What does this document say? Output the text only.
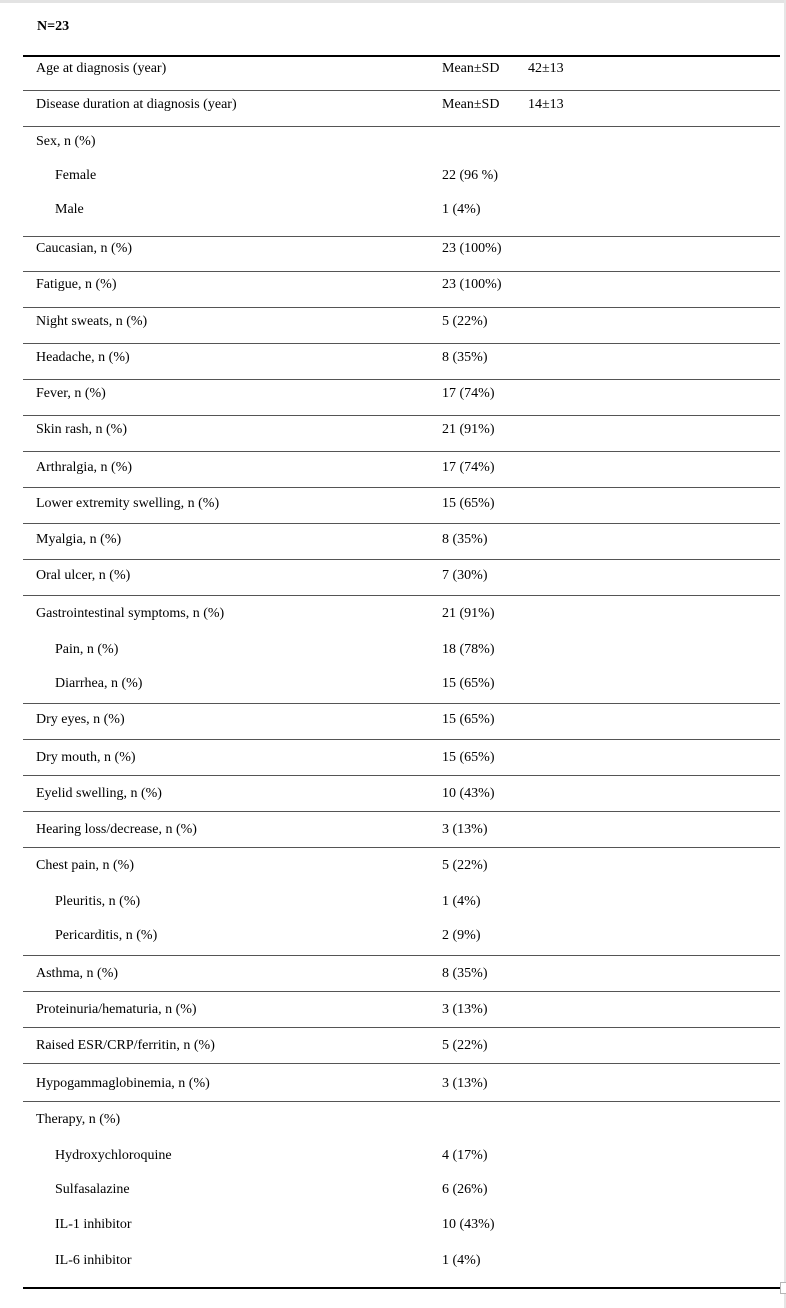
N=23
Age at diagnosis (year)	Mean±SD 42±13
Disease duration at diagnosis (year)	Mean±SD 14±13
Sex, n (%)
Female	22 (96 %)
Male	1 (4%)
Caucasian, n (%)	23 (100%)
Fatigue, n (%)	23 (100%)
Night sweats, n (%)	5 (22%)
Headache, n (%)	8 (35%)
Fever, n (%)	17 (74%)
Skin rash, n (%)	21 (91%)
Arthralgia, n (%)	17 (74%)
Lower extremity swelling, n (%)	15 (65%)
Myalgia, n (%)	8 (35%)
Oral ulcer, n (%)	7 (30%)
Gastrointestinal symptoms, n (%)	21 (91%)
Pain, n (%)	18 (78%)
Diarrhea, n (%)	15 (65%)
Dry eyes, n (%)	15 (65%)
Dry mouth, n (%)	15 (65%)
Eyelid swelling, n (%)	10 (43%)
Hearing loss/decrease, n (%)	3 (13%)
Chest pain, n (%)	5 (22%)
Pleuritis, n (%)	1 (4%)
Pericarditis, n (%)	2 (9%)
Asthma, n (%)	8 (35%)
Proteinuria/hematuria, n (%)	3 (13%)
Raised ESR/CRP/ferritin, n (%)	5 (22%)
Hypogammaglobinemia, n (%)	3 (13%)
Therapy, n (%)
Hydroxychloroquine	4 (17%)
Sulfasalazine	6 (26%)
IL-1 inhibitor	10 (43%)
IL-6 inhibitor	1 (4%)
